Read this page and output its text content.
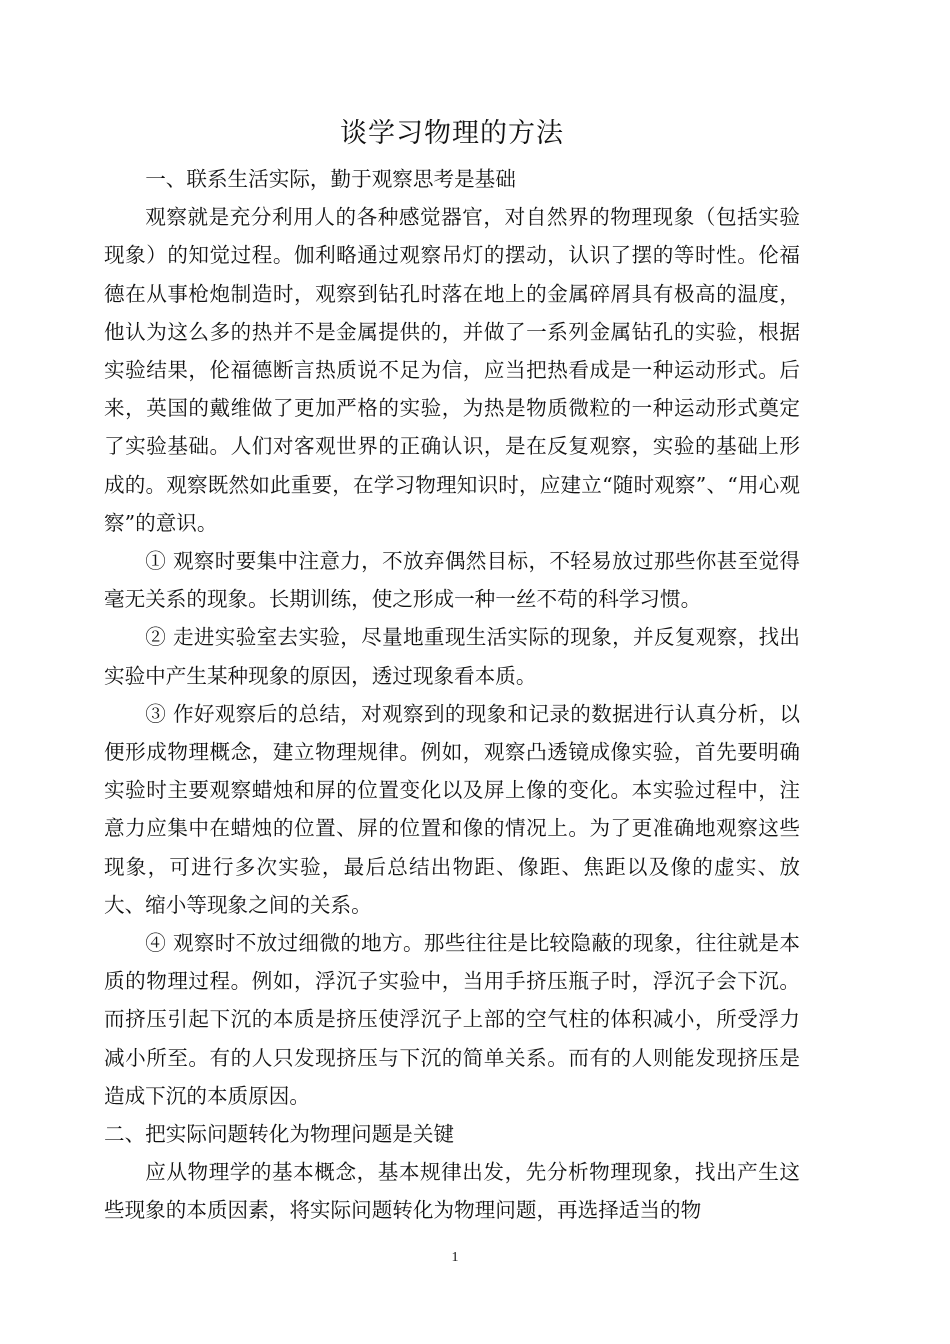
谈学习物理的方法

一、联系生活实际，勤于观察思考是基础

观察就是充分利用人的各种感觉器官，对自然界的物理现象（包括实验现象）的知觉过程。伽利略通过观察吊灯的摆动，认识了摆的等时性。伦福德在从事枪炮制造时，观察到钻孔时落在地上的金属碎屑具有极高的温度，他认为这么多的热并不是金属提供的，并做了一系列金属钻孔的实验，根据实验结果，伦福德断言热质说不足为信，应当把热看成是一种运动形式。后来，英国的戴维做了更加严格的实验，为热是物质微粒的一种运动形式奠定了实验基础。人们对客观世界的正确认识，是在反复观察，实验的基础上形成的。观察既然如此重要，在学习物理知识时，应建立“随时观察”、“用心观察”的意识。

① 观察时要集中注意力，不放弃偶然目标，不轻易放过那些你甚至觉得毫无关系的现象。长期训练，使之形成一种一丝不苟的科学习惯。

② 走进实验室去实验，尽量地重现生活实际的现象，并反复观察，找出实验中产生某种现象的原因，透过现象看本质。

③ 作好观察后的总结，对观察到的现象和记录的数据进行认真分析，以便形成物理概念，建立物理规律。例如，观察凸透镜成像实验，首先要明确实验时主要观察蜡烛和屏的位置变化以及屏上像的变化。本实验过程中，注意力应集中在蜡烛的位置、屏的位置和像的情况上。为了更准确地观察这些现象，可进行多次实验，最后总结出物距、像距、焦距以及像的虚实、放大、缩小等现象之间的关系。

④ 观察时不放过细微的地方。那些往往是比较隐蔽的现象，往往就是本质的物理过程。例如，浮沉子实验中，当用手挤压瓶子时，浮沉子会下沉。而挤压引起下沉的本质是挤压使浮沉子上部的空气柱的体积减小，所受浮力减小所至。有的人只发现挤压与下沉的简单关系。而有的人则能发现挤压是造成下沉的本质原因。

二、把实际问题转化为物理问题是关键

应从物理学的基本概念，基本规律出发，先分析物理现象，找出产生这些现象的本质因素，将实际问题转化为物理问题，再选择适当的物

1
